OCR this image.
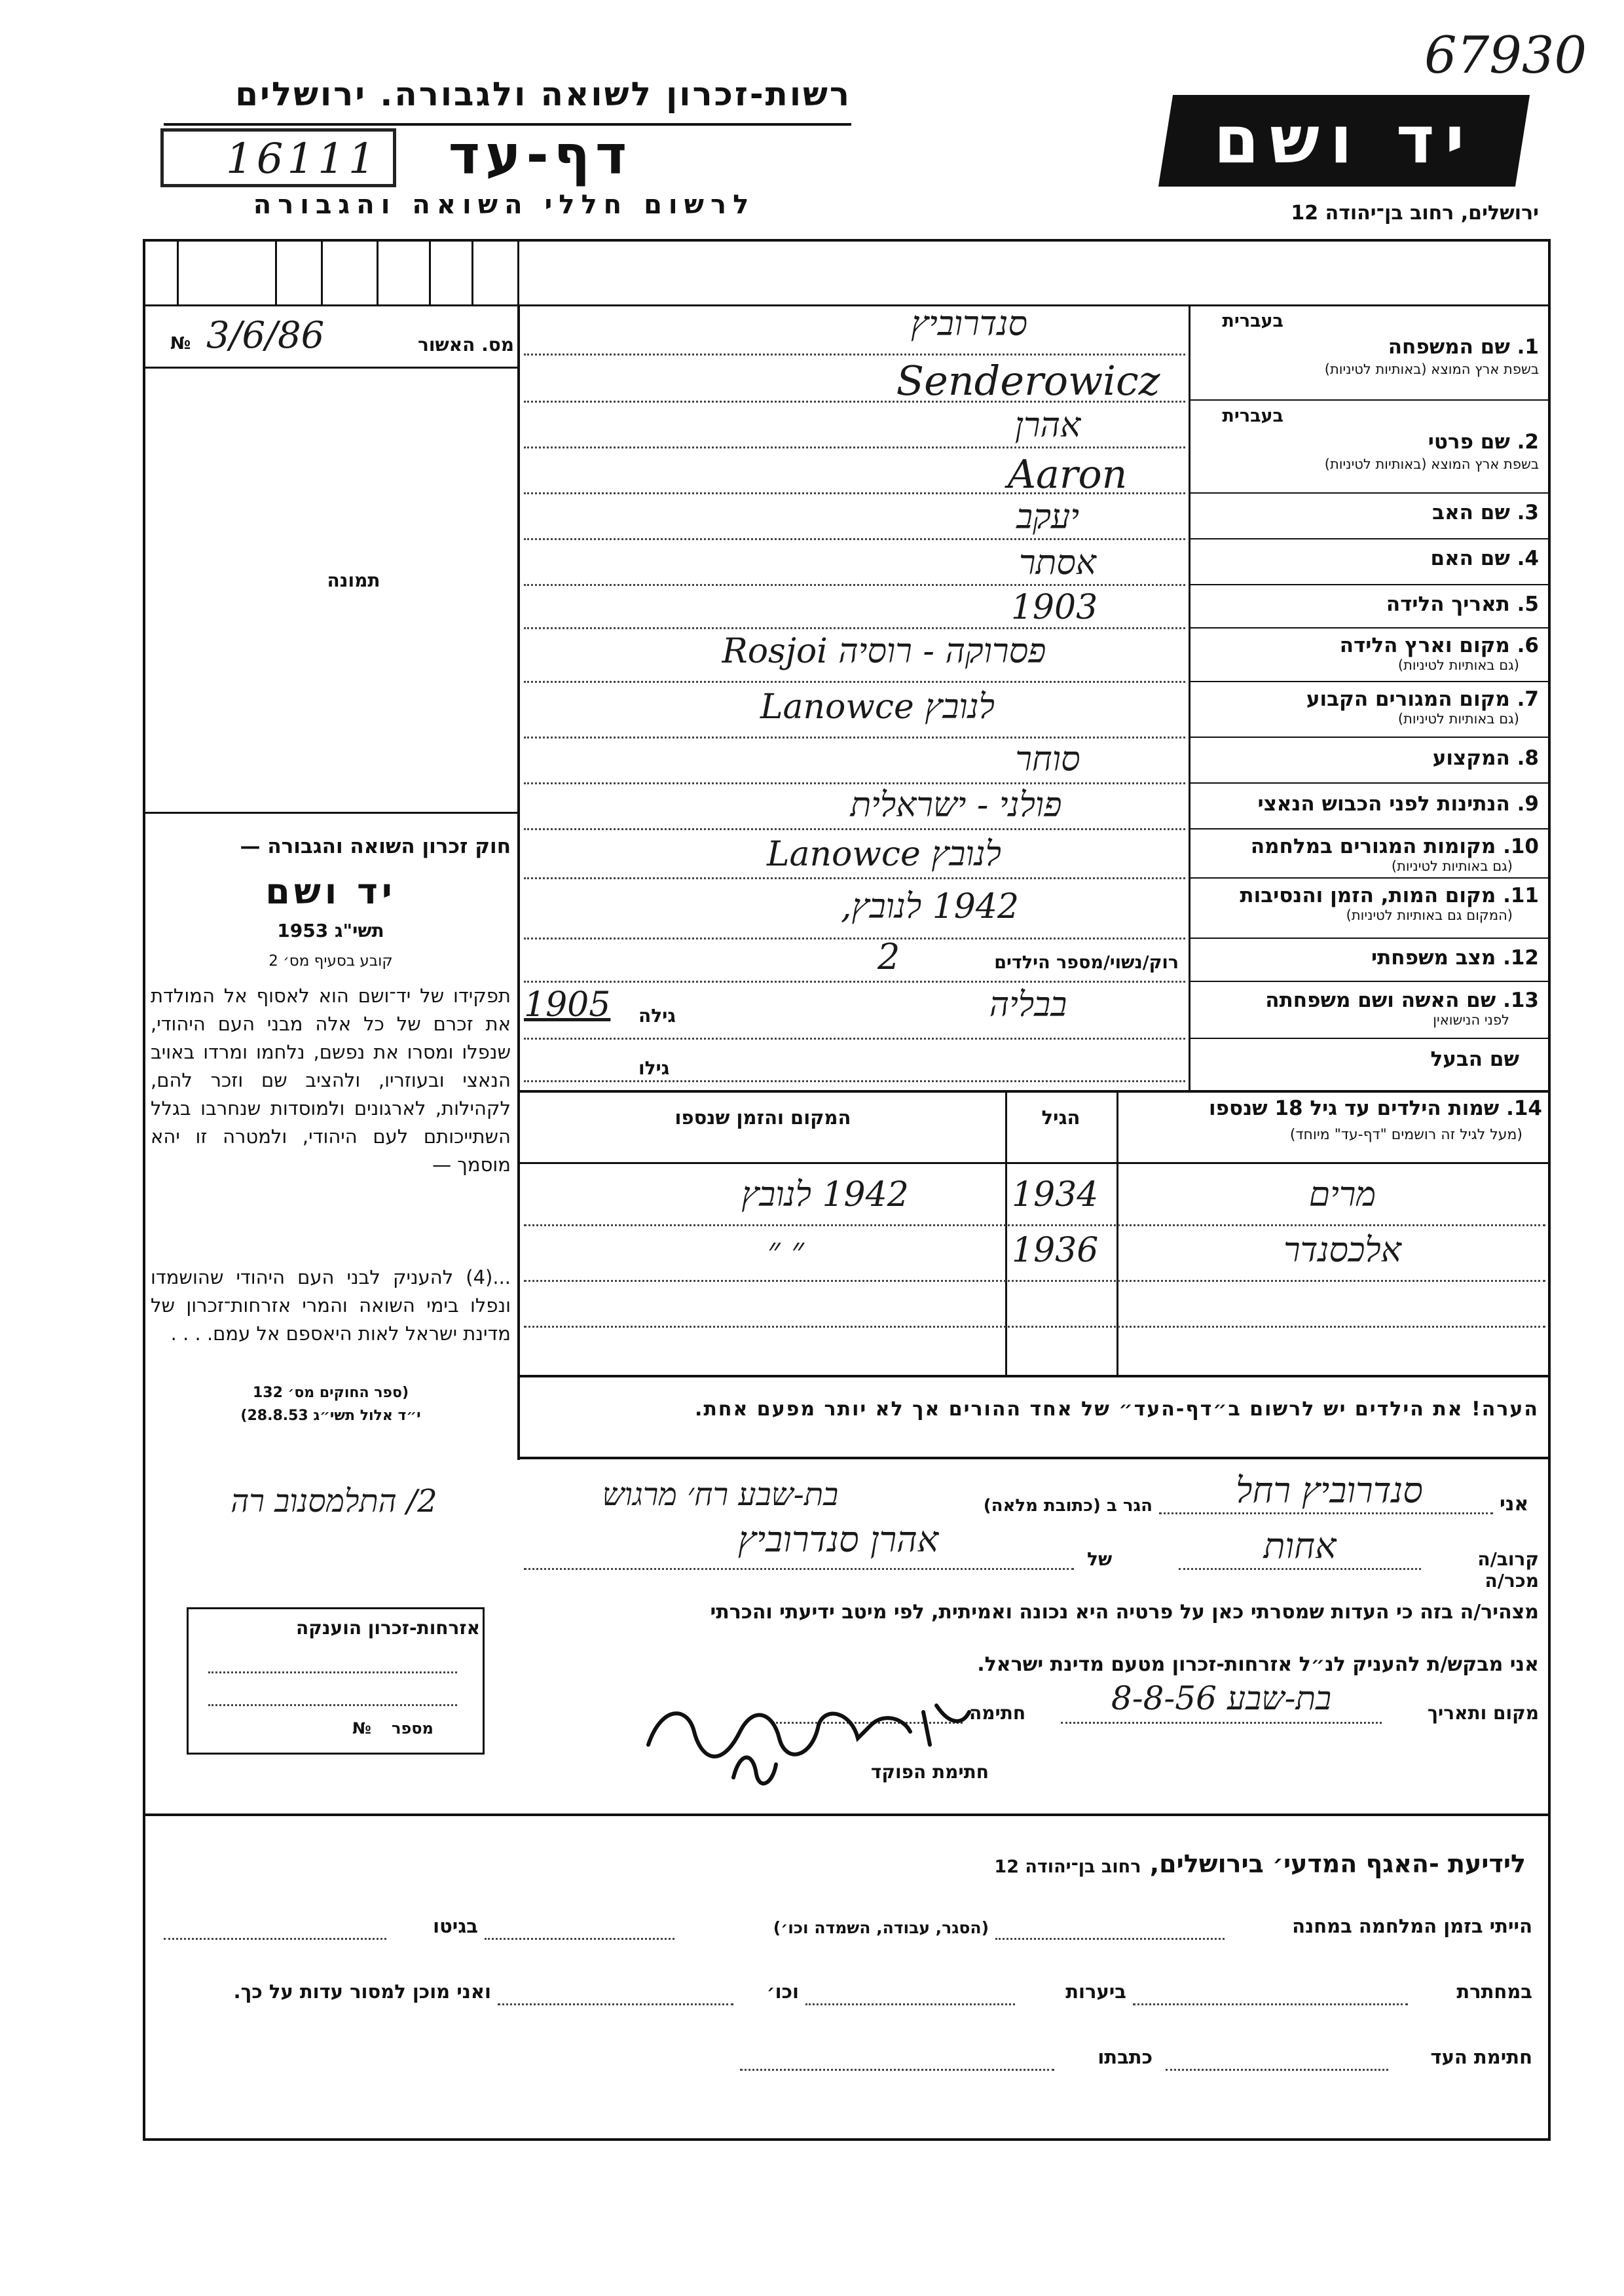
67930
רשות-זכרון לשואה ולגבורה. ירושלים
16111	דף-עד
לרשום חללי השואה והגבורה
יד ושם
ירושלים, רחוב בן־יהודה 12
№ 3/6/86	מס. האשור
תמונה
חוק זכרון השואה והגבורה —
יד ושם
תשי"ג 1953
קובע בסעיף מס׳ 2
תפקידו של יד־ושם הוא לאסוף אל המולדת את זכרם של כל אלה מבני העם היהודי, שנפלו ומסרו את נפשם, נלחמו ומרדו באויב הנאצי ובעוזריו, ולהציב שם וזכר להם, לקהילות, לארגונים ולמוסדות שנחרבו בגלל השתייכותם לעם היהודי, ולמטרה זו יהא מוסמך —
...(4) להעניק לבני העם היהודי שהושמדו ונפלו בימי השואה והמרי אזרחות־זכרון של מדינת ישראל לאות היאספם אל עמם. . . .
(ספר החוקים מס׳ 132
י״ד אלול תשי״ג 28.8.53)
בעברית
1. שם המשפחה
בשפת ארץ המוצא (באותיות לטיניות)
בעברית
2. שם פרטי
בשפת ארץ המוצא (באותיות לטיניות)
3. שם האב
4. שם האם
5. תאריך הלידה
6. מקום וארץ הלידה
(גם באותיות לטיניות)
7. מקום המגורים הקבוע
(גם באותיות לטיניות)
8. המקצוע
9. הנתינות לפני הכבוש הנאצי
10. מקומות המגורים במלחמה
(גם באותיות לטיניות)
11. מקום המות, הזמן והנסיבות
(המקום גם באותיות לטיניות)
12. מצב משפחתי
13. שם האשה ושם משפחתה
לפני הנישואין
שם הבעל
סנדרוביץ
Senderowicz
אהרן
Aaron
יעקב
אסתר
1903
Rosjoi פסרוקה - רוסיה
Lanowce לנובץ
סוחר
פולני - ישראלית
Lanowce לנובץ
1942 לנובץ,
רוק/נשוי/מספר הילדים
2
בבליה
גילה
1905
גילו
14. שמות הילדים עד גיל 18 שנספו
(מעל לגיל זה רושמים "דף-עד" מיוחד)
הגיל
המקום והזמן שנספו
מרים
1934
1942 לנובץ
אלכסנדר
1936
״ ״
הערה! את הילדים יש לרשום ב״דף-העד״ של אחד ההורים אך לא יותר מפעם אחת.
אני
סנדרוביץ רחל
הגר ב (כתובת מלאה)
בת-שבע רח׳ מרגוש
2/ התלמסנוב רה
קרוב/ה מכר/ה
אחות
של
אהרן סנדרוביץ
מצהיר/ה בזה כי העדות שמסרתי כאן על פרטיה היא נכונה ואמיתית, לפי מיטב ידיעתי והכרתי
אני מבקש/ת להעניק לנ״ל אזרחות-זכרון מטעם מדינת ישראל.
מקום ותאריך
בת-שבע 8-8-56
חתימה
חתימת הפוקד
אזרחות-זכרון הוענקה
מספר
№
לידיעת -האגף המדעי׳ בירושלים, רחוב בן־יהודה 12
הייתי בזמן המלחמה במחנה
(הסגר, עבודה, השמדה וכו׳)
בגיטו
במחתרת
ביערות
וכו׳
ואני מוכן למסור עדות על כך.
חתימת העד
כתבתו
